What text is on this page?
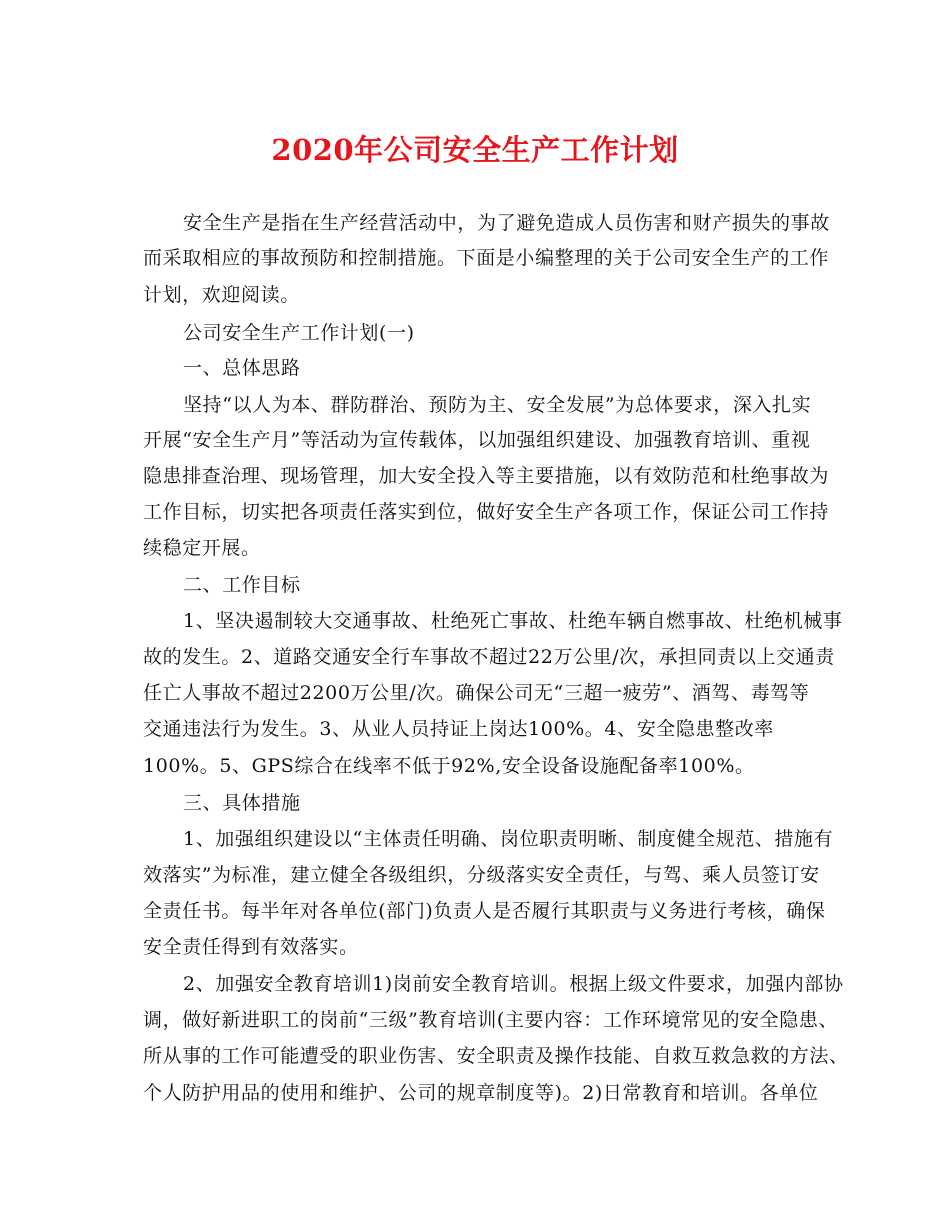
2020年公司安全生产工作计划
安全生产是指在生产经营活动中，为了避免造成人员伤害和财产损失的事故
而采取相应的事故预防和控制措施。下面是小编整理的关于公司安全生产的工作
计划，欢迎阅读。
公司安全生产工作计划(一)
一、总体思路
坚持“以人为本、群防群治、预防为主、安全发展”为总体要求，深入扎实
开展“安全生产月”等活动为宣传载体，以加强组织建设、加强教育培训、重视
隐患排查治理、现场管理，加大安全投入等主要措施，以有效防范和杜绝事故为
工作目标，切实把各项责任落实到位，做好安全生产各项工作，保证公司工作持
续稳定开展。
二、工作目标
1、坚决遏制较大交通事故、杜绝死亡事故、杜绝车辆自燃事故、杜绝机械事
故的发生。2、道路交通安全行车事故不超过22万公里/次，承担同责以上交通责
任亡人事故不超过2200万公里/次。确保公司无“三超一疲劳”、酒驾、毒驾等
交通违法行为发生。3、从业人员持证上岗达100%。4、安全隐患整改率
100%。5、GPS综合在线率不低于92%,安全设备设施配备率100%。
三、具体措施
1、加强组织建设以“主体责任明确、岗位职责明晰、制度健全规范、措施有
效落实”为标准，建立健全各级组织，分级落实安全责任，与驾、乘人员签订安
全责任书。每半年对各单位(部门)负责人是否履行其职责与义务进行考核，确保
安全责任得到有效落实。
2、加强安全教育培训1)岗前安全教育培训。根据上级文件要求，加强内部协
调，做好新进职工的岗前“三级”教育培训(主要内容：工作环境常见的安全隐患、
所从事的工作可能遭受的职业伤害、安全职责及操作技能、自救互救急救的方法、
个人防护用品的使用和维护、公司的规章制度等)。2)日常教育和培训。各单位
